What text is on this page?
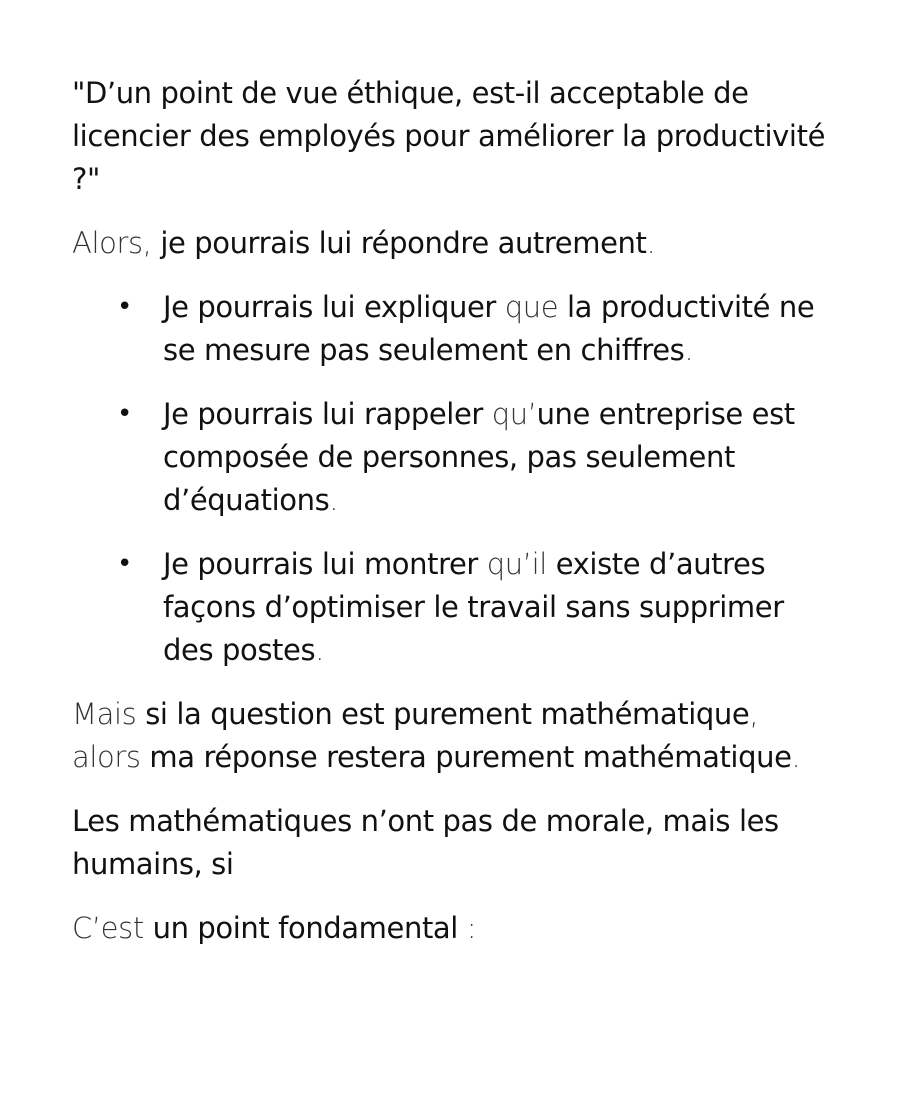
"D’un point de vue éthique, est-il acceptable de licencier des employés pour améliorer la productivité ?"

Alors, je pourrais lui répondre autrement.

• Je pourrais lui expliquer que la productivité ne se mesure pas seulement en chiffres.
• Je pourrais lui rappeler qu’une entreprise est composée de personnes, pas seulement d’équations.
• Je pourrais lui montrer qu’il existe d’autres façons d’optimiser le travail sans supprimer des postes.

Mais si la question est purement mathématique, alors ma réponse restera purement mathématique.

Les mathématiques n’ont pas de morale, mais les humains, si

C’est un point fondamental :
